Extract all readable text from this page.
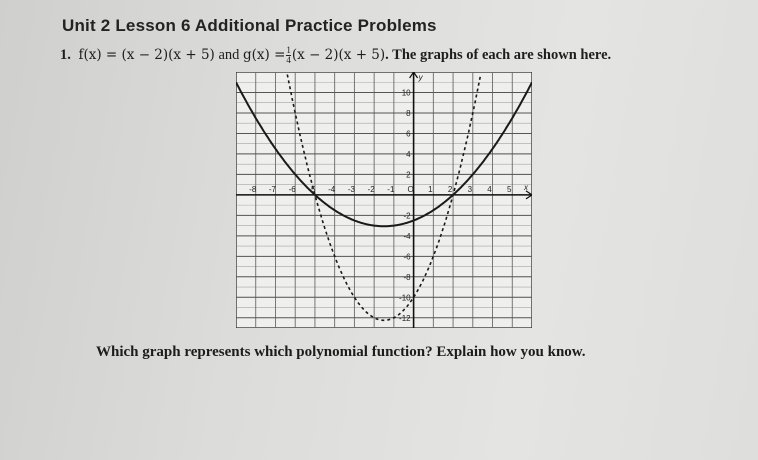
Unit 2 Lesson 6 Additional Practice Problems
1. f(x) = (x − 2)(x + 5) and $g(x) = \frac{1}{4} (x - 2)(x + 5)$. The graphs of each are shown here.
x
y
-8 -7 -6 -5 -4 -3 -2 -1 O 1 2 3 4 5
10
8
6
4
2
-2
-4
-6
-8
-10
-12
Which graph represents which polynomial function? Explain how you know.
